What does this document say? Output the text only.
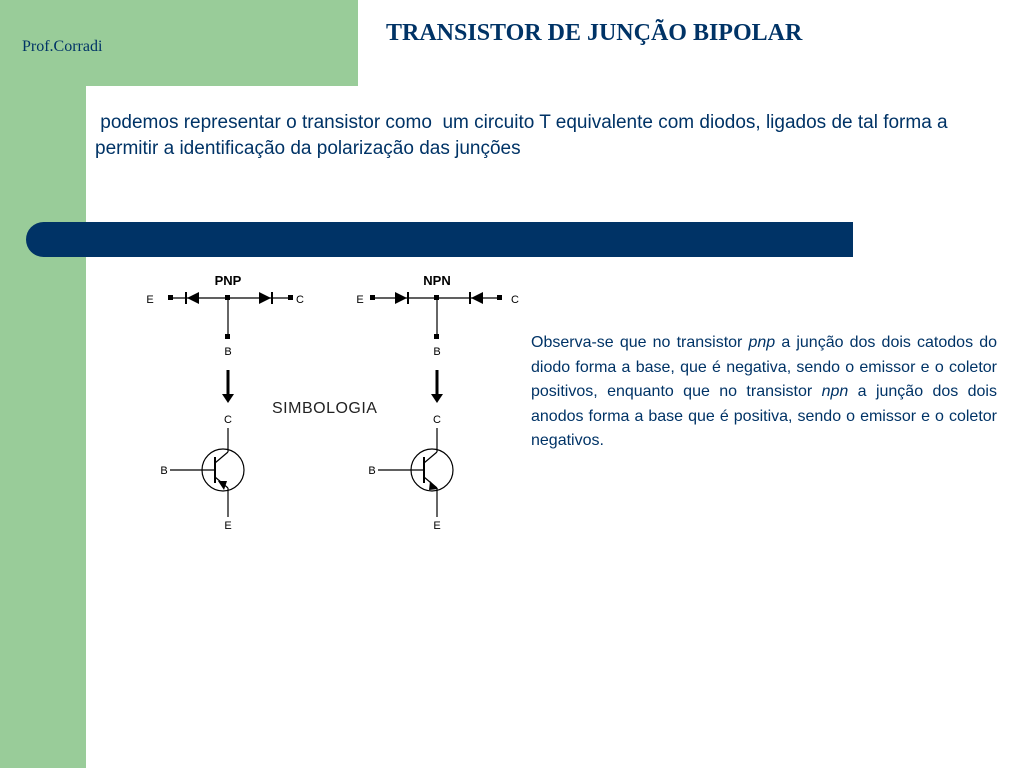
Prof.Corradi
TRANSISTOR DE JUNÇÃO BIPOLAR

podemos representar o transistor como  um circuito T equivalente com diodos, ligados de tal forma a permitir a identificação da polarização das junções

PNP
E	C
B
C
B
E
SIMBOLOGIA
NPN
E	C
B
C
B
E

Observa-se que no transistor pnp a junção dos dois catodos do diodo forma a base, que é negativa, sendo o emissor e o coletor positivos, enquanto que no transistor npn a junção dos dois anodos forma a base que é positiva, sendo o emissor e o coletor negativos.
